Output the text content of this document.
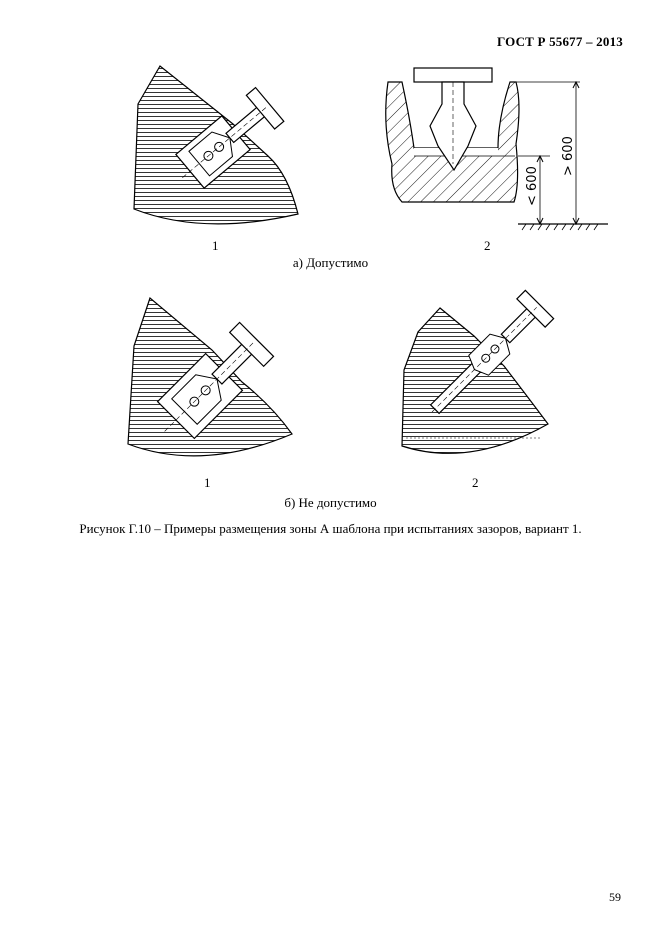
ГОСТ Р 55677 – 2013
1
< 600
> 600
2
а) Допустимо
1	2
б) Не допустимо
Рисунок Г.10 – Примеры размещения зоны А шаблона при испытаниях зазоров, вариант 1.
59
